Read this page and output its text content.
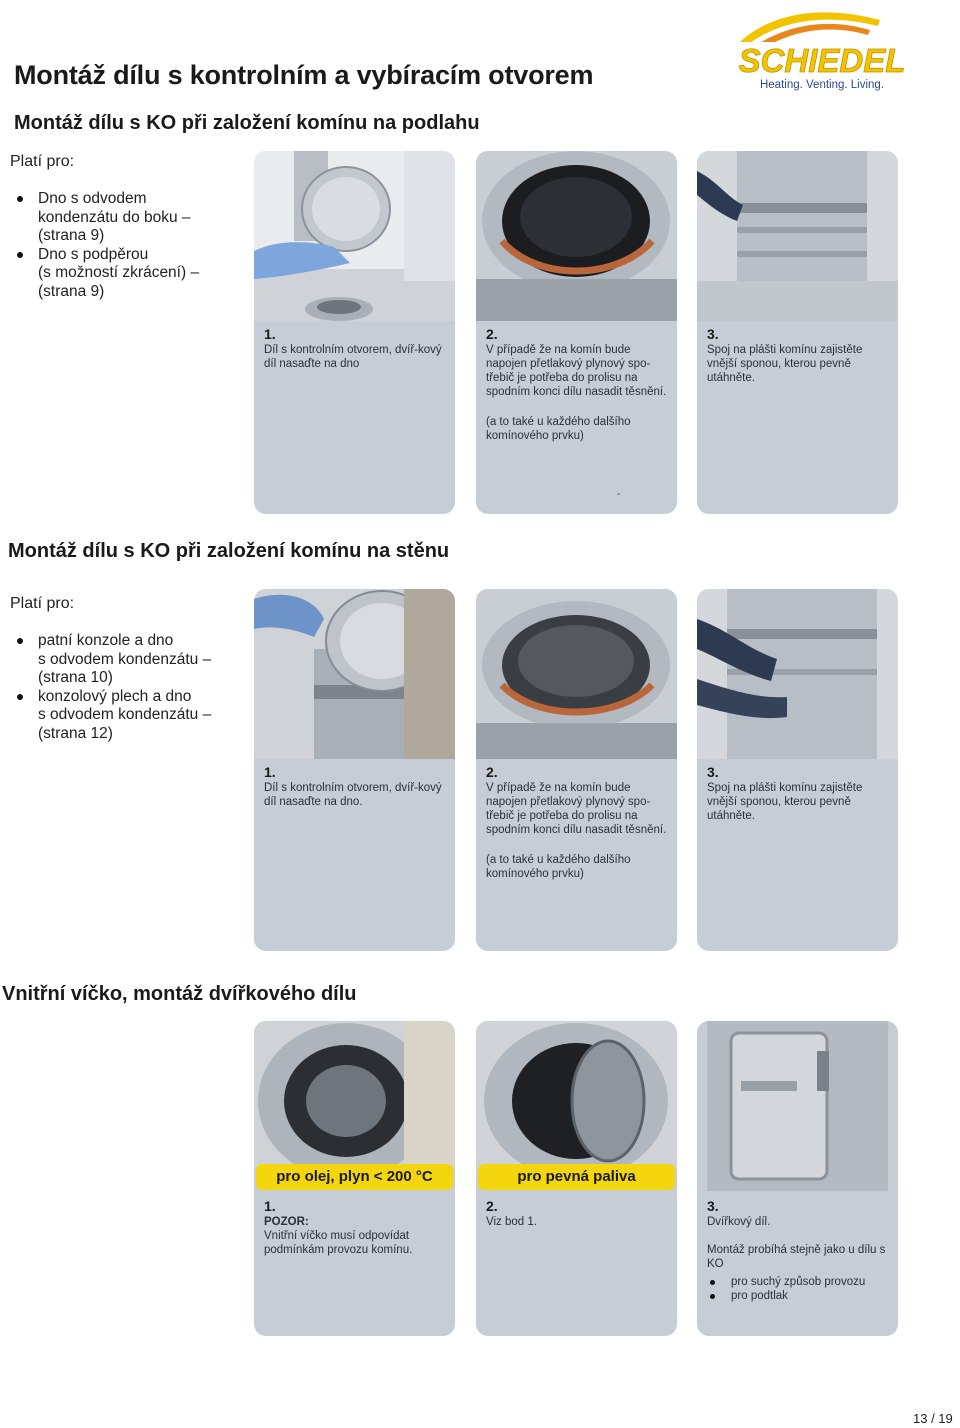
Montáž dílu s kontrolním a vybíracím otvorem	SCHIEDEL
Heating. Venting. Living.
Montáž dílu s KO při založení komínu na podlahu
Platí pro:
Dno s odvodem
kondenzátu do boku –
(strana 9)
Dno s podpěrou
(s možností zkrácení) –
(strana 9)
1.
Díl s kontrolním otvorem, dvíř-kový díl nasaďte na dno
2.
V případě že na komín bude napojen přetlakový plynový spo-třebič je potřeba do prolisu na spodním konci dílu nasadit těsnění.
(a to také u každého dalšího komínového prvku)
-
3.
Spoj na plášti komínu zajistěte vnější sponou, kterou pevně utáhněte.
Montáž dílu s KO při založení komínu na stěnu
Platí pro:
patní konzole a dno
s odvodem kondenzátu –
(strana 10)
konzolový plech a dno
s odvodem kondenzátu –
(strana 12)
1.
Díl s kontrolním otvorem, dvíř-kový díl nasaďte na dno.
2.
V případě že na komín bude napojen přetlakový plynový spo-třebič je potřeba do prolisu na spodním konci dílu nasadit těsnění.
(a to také u každého dalšího komínového prvku)
3.
Spoj na plášti komínu zajistěte vnější sponou, kterou pevně utáhněte.
Vnitřní víčko, montáž dvířkového dílu
1.
POZOR:
Vnitřní víčko musí odpovídat podmínkám provozu komínu.
pro olej, plyn < 200 °C
2.
Viz bod 1.
pro pevná paliva
3.
Dvířkový díl.
Montáž probíhá stejně jako u dílu s KO
pro suchý způsob provozu
pro podtlak
13 / 19
